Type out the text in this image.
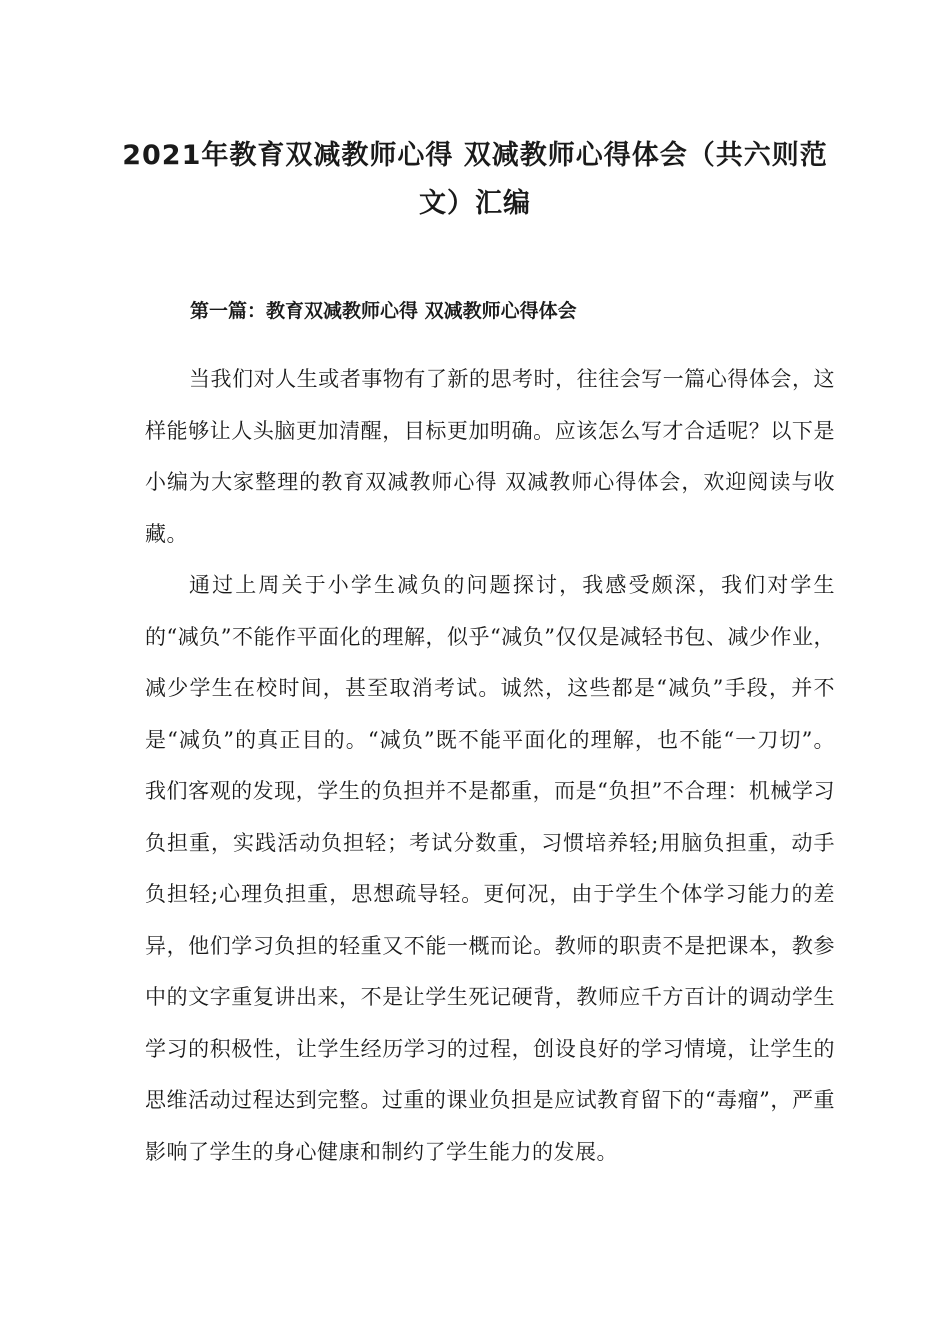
2021年教育双减教师心得 双减教师心得体会（共六则范文）汇编
第一篇：教育双减教师心得 双减教师心得体会

当我们对人生或者事物有了新的思考时，往往会写一篇心得体会，这样能够让人头脑更加清醒，目标更加明确。应该怎么写才合适呢？以下是小编为大家整理的教育双减教师心得 双减教师心得体会，欢迎阅读与收藏。

通过上周关于小学生减负的问题探讨，我感受颇深，我们对学生的“减负”不能作平面化的理解，似乎“减负”仅仅是减轻书包、减少作业，减少学生在校时间，甚至取消考试。诚然，这些都是“减负”手段，并不是“减负”的真正目的。“减负”既不能平面化的理解，也不能“一刀切”。我们客观的发现，学生的负担并不是都重，而是“负担”不合理：机械学习负担重，实践活动负担轻；考试分数重，习惯培养轻;用脑负担重，动手负担轻;心理负担重，思想疏导轻。更何况，由于学生个体学习能力的差异，他们学习负担的轻重又不能一概而论。教师的职责不是把课本，教参中的文字重复讲出来，不是让学生死记硬背，教师应千方百计的调动学生学习的积极性，让学生经历学习的过程，创设良好的学习情境，让学生的思维活动过程达到完整。过重的课业负担是应试教育留下的“毒瘤”，严重影响了学生的身心健康和制约了学生能力的发展。
